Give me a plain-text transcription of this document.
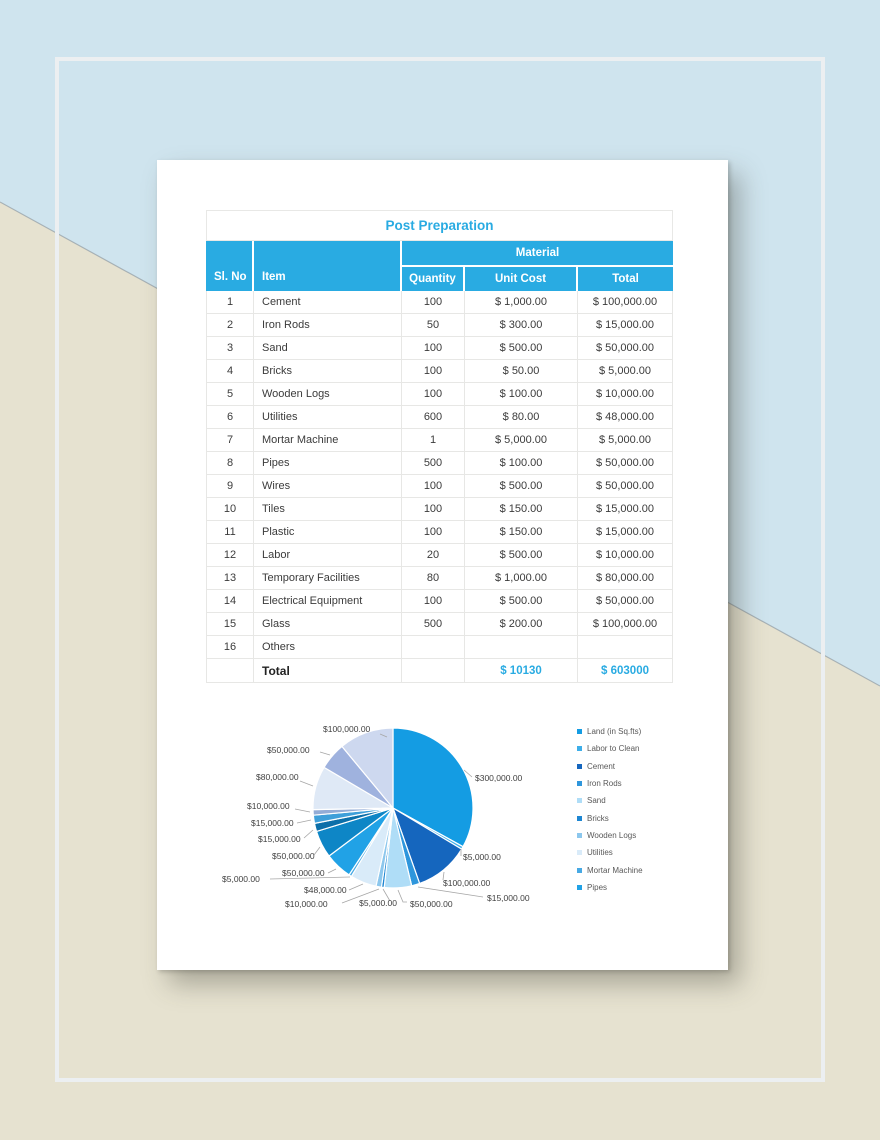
Post Preparation				
Sl. No	Item	Material		
		Quantity	Unit Cost	Total
1	Cement	100	$ 1,000.00	$ 100,000.00
2	Iron Rods	50	$ 300.00	$ 15,000.00
3	Sand	100	$ 500.00	$ 50,000.00
4	Bricks	100	$ 50.00	$ 5,000.00
5	Wooden Logs	100	$ 100.00	$ 10,000.00
6	Utilities	600	$ 80.00	$ 48,000.00
7	Mortar Machine	1	$ 5,000.00	$ 5,000.00
8	Pipes	500	$ 100.00	$ 50,000.00
9	Wires	100	$ 500.00	$ 50,000.00
10	Tiles	100	$ 150.00	$ 15,000.00
11	Plastic	100	$ 150.00	$ 15,000.00
12	Labor	20	$ 500.00	$ 10,000.00
13	Temporary Facilities	80	$ 1,000.00	$ 80,000.00
14	Electrical Equipment	100	$ 500.00	$ 50,000.00
15	Glass	500	$ 200.00	$ 100,000.00
16	Others			
	Total		$ 10130	$ 603000
$300,000.00
$5,000.00
$100,000.00
$15,000.00
$50,000.00
$5,000.00
$10,000.00
$48,000.00
$5,000.00
$50,000.00
$50,000.00
$15,000.00
$15,000.00
$10,000.00
$80,000.00
$50,000.00
$100,000.00	Land (in Sq.fts)
Labor to Clean
Cement
Iron Rods
Sand
Bricks
Wooden Logs
Utilities
Mortar Machine
Pipes
